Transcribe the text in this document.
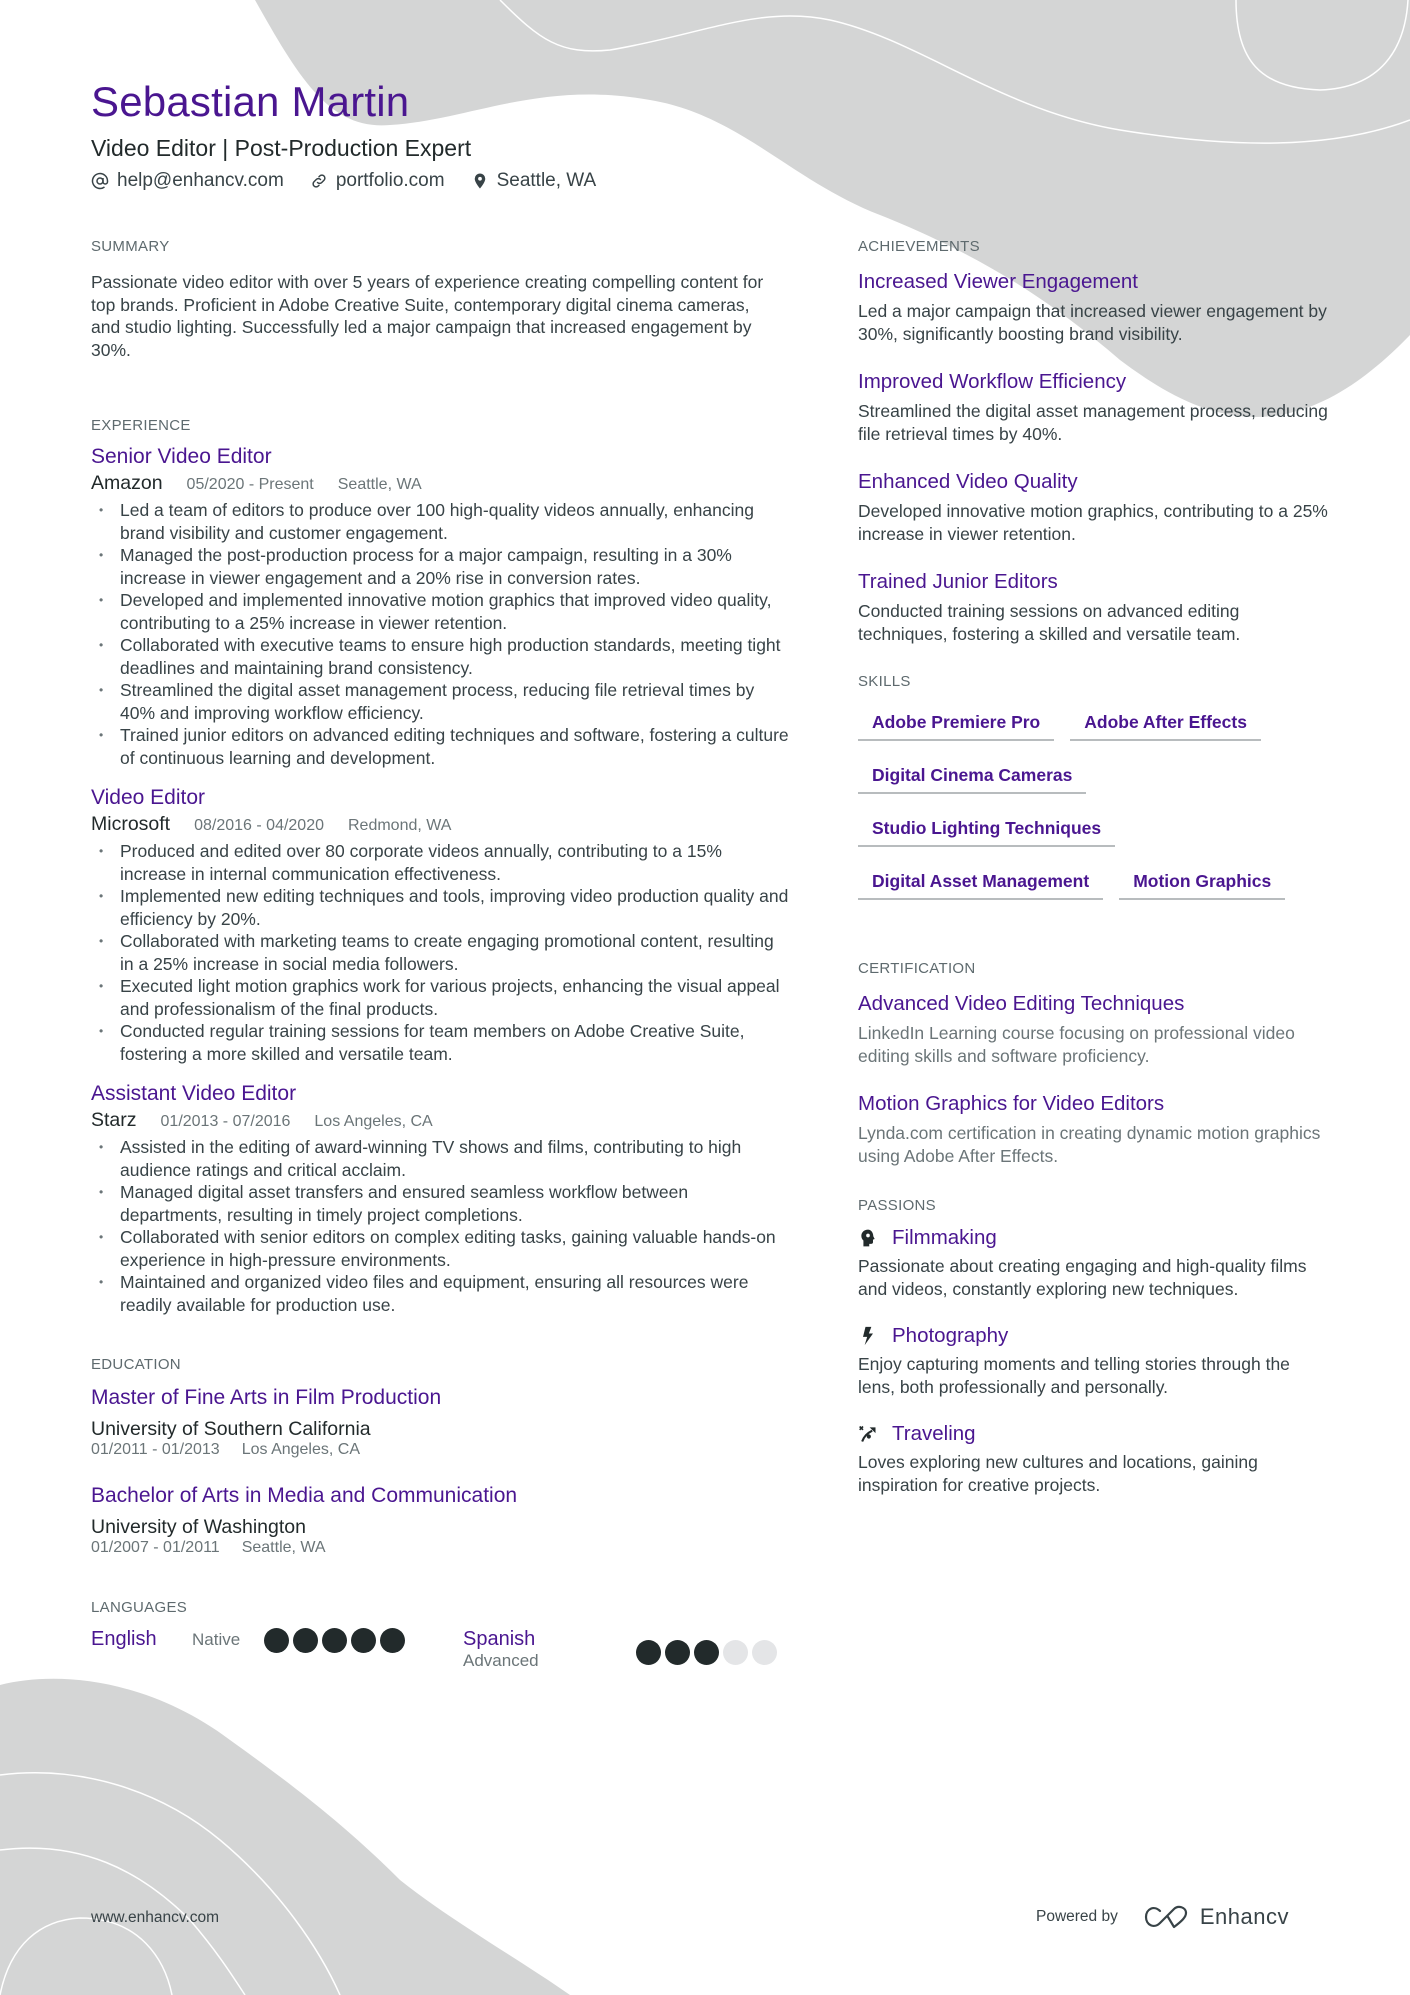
Sebastian Martin
Video Editor | Post-Production Expert
help@enhancv.com	portfolio.com	Seattle, WA
SUMMARY

Passionate video editor with over 5 years of experience creating compelling content for top brands. Proficient in Adobe Creative Suite, contemporary digital cinema cameras, and studio lighting. Successfully led a major campaign that increased engagement by 30%.

EXPERIENCE
Senior Video Editor
Amazon 05/2020 - Present Seattle, WA
• Led a team of editors to produce over 100 high-quality videos annually, enhancing brand visibility and customer engagement.
• Managed the post-production process for a major campaign, resulting in a 30% increase in viewer engagement and a 20% rise in conversion rates.
• Developed and implemented innovative motion graphics that improved video quality, contributing to a 25% increase in viewer retention.
• Collaborated with executive teams to ensure high production standards, meeting tight deadlines and maintaining brand consistency.
• Streamlined the digital asset management process, reducing file retrieval times by 40% and improving workflow efficiency.
• Trained junior editors on advanced editing techniques and software, fostering a culture of continuous learning and development.
Video Editor
Microsoft 08/2016 - 04/2020 Redmond, WA
• Produced and edited over 80 corporate videos annually, contributing to a 15% increase in internal communication effectiveness.
• Implemented new editing techniques and tools, improving video production quality and efficiency by 20%.
• Collaborated with marketing teams to create engaging promotional content, resulting in a 25% increase in social media followers.
• Executed light motion graphics work for various projects, enhancing the visual appeal and professionalism of the final products.
• Conducted regular training sessions for team members on Adobe Creative Suite, fostering a more skilled and versatile team.
Assistant Video Editor
Starz 01/2013 - 07/2016 Los Angeles, CA
• Assisted in the editing of award-winning TV shows and films, contributing to high audience ratings and critical acclaim.
• Managed digital asset transfers and ensured seamless workflow between departments, resulting in timely project completions.
• Collaborated with senior editors on complex editing tasks, gaining valuable hands-on experience in high-pressure environments.
• Maintained and organized video files and equipment, ensuring all resources were readily available for production use.
EDUCATION
Master of Fine Arts in Film Production
University of Southern California
01/2011 - 01/2013 Los Angeles, CA
Bachelor of Arts in Media and Communication
University of Washington
01/2007 - 01/2011 Seattle, WA
LANGUAGES
English	Native	Spanish
Advanced
ACHIEVEMENTS
Increased Viewer Engagement
Led a major campaign that increased viewer engagement by 30%, significantly boosting brand visibility.
Improved Workflow Efficiency
Streamlined the digital asset management process, reducing file retrieval times by 40%.
Enhanced Video Quality
Developed innovative motion graphics, contributing to a 25% increase in viewer retention.
Trained Junior Editors
Conducted training sessions on advanced editing techniques, fostering a skilled and versatile team.
SKILLS
Adobe Premiere Pro	Adobe After Effects
Digital Cinema Cameras
Studio Lighting Techniques
Digital Asset Management	Motion Graphics
CERTIFICATION
Advanced Video Editing Techniques
LinkedIn Learning course focusing on professional video editing skills and software proficiency.
Motion Graphics for Video Editors
Lynda.com certification in creating dynamic motion graphics using Adobe After Effects.
PASSIONS
Filmmaking
Passionate about creating engaging and high-quality films and videos, constantly exploring new techniques.
Photography
Enjoy capturing moments and telling stories through the lens, both professionally and personally.
Traveling
Loves exploring new cultures and locations, gaining inspiration for creative projects.
www.enhancv.com	Powered by	Enhancv
